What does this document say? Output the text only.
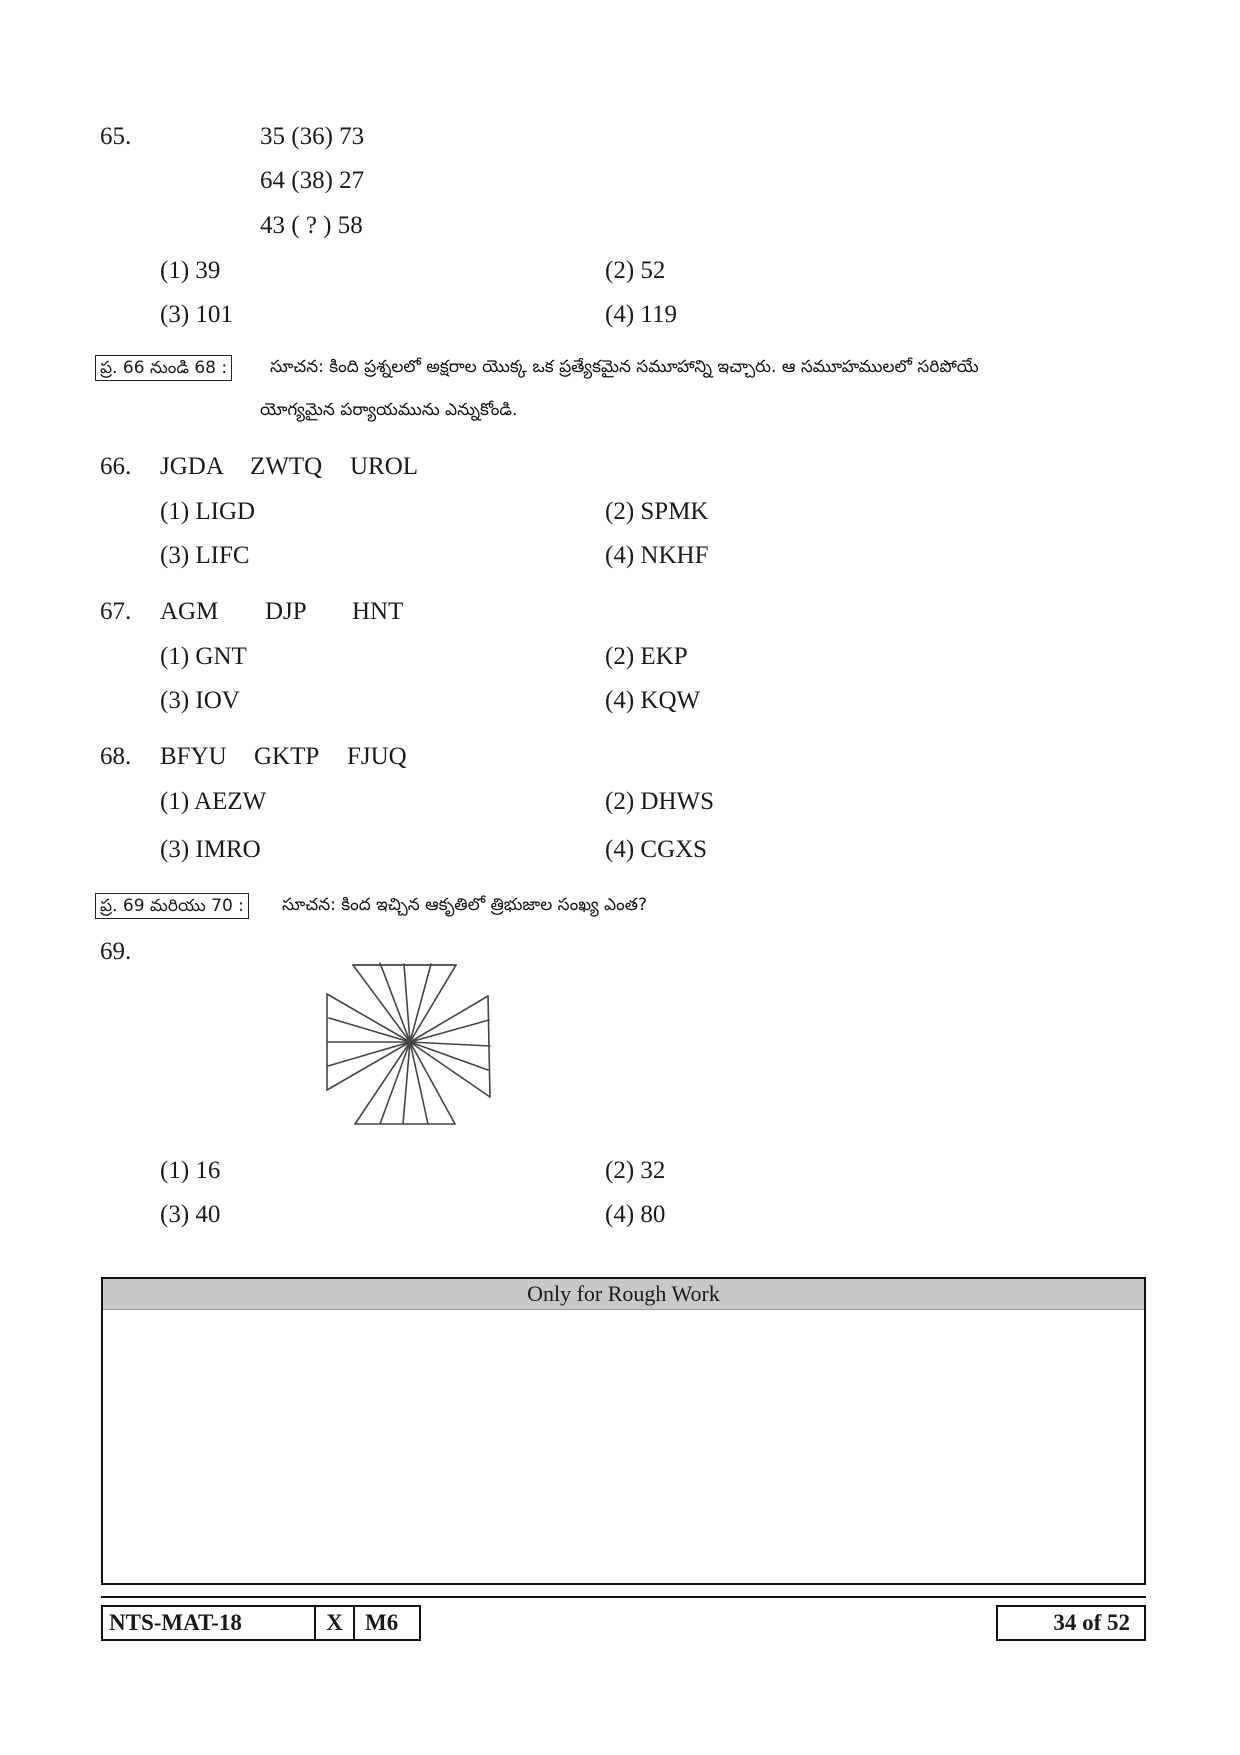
65.	35 (36) 73
64 (38) 27
43 ( ? ) 58
(1) 39	(2) 52
(3) 101	(4) 119
ప్ర. 66 నుండి 68 :	సూచన: కింది ప్రశ్నలలో అక్షరాల యొక్క ఒక ప్రత్యేకమైన సమూహాన్ని ఇచ్చారు. ఆ సమూహములలో సరిపోయే
యోగ్యమైన పర్యాయమును ఎన్నుకోండి.
66. JGDA ZWTQ UROL
(1) LIGD	(2) SPMK
(3) LIFC	(4) NKHF
67. AGM DJP HNT
(1) GNT	(2) EKP
(3) IOV	(4) KQW
68. BFYU GKTP FJUQ
(1) AEZW	(2) DHWS
(3) IMRO	(4) CGXS
ప్ర. 69 మరియు 70 : సూచన: కింద ఇచ్చిన ఆకృతిలో త్రిభుజాల సంఖ్య ఎంత?
69.
(1) 16	(2) 32
(3) 40	(4) 80
Only for Rough Work
NTS-MAT-18	X M6	34 of 52
